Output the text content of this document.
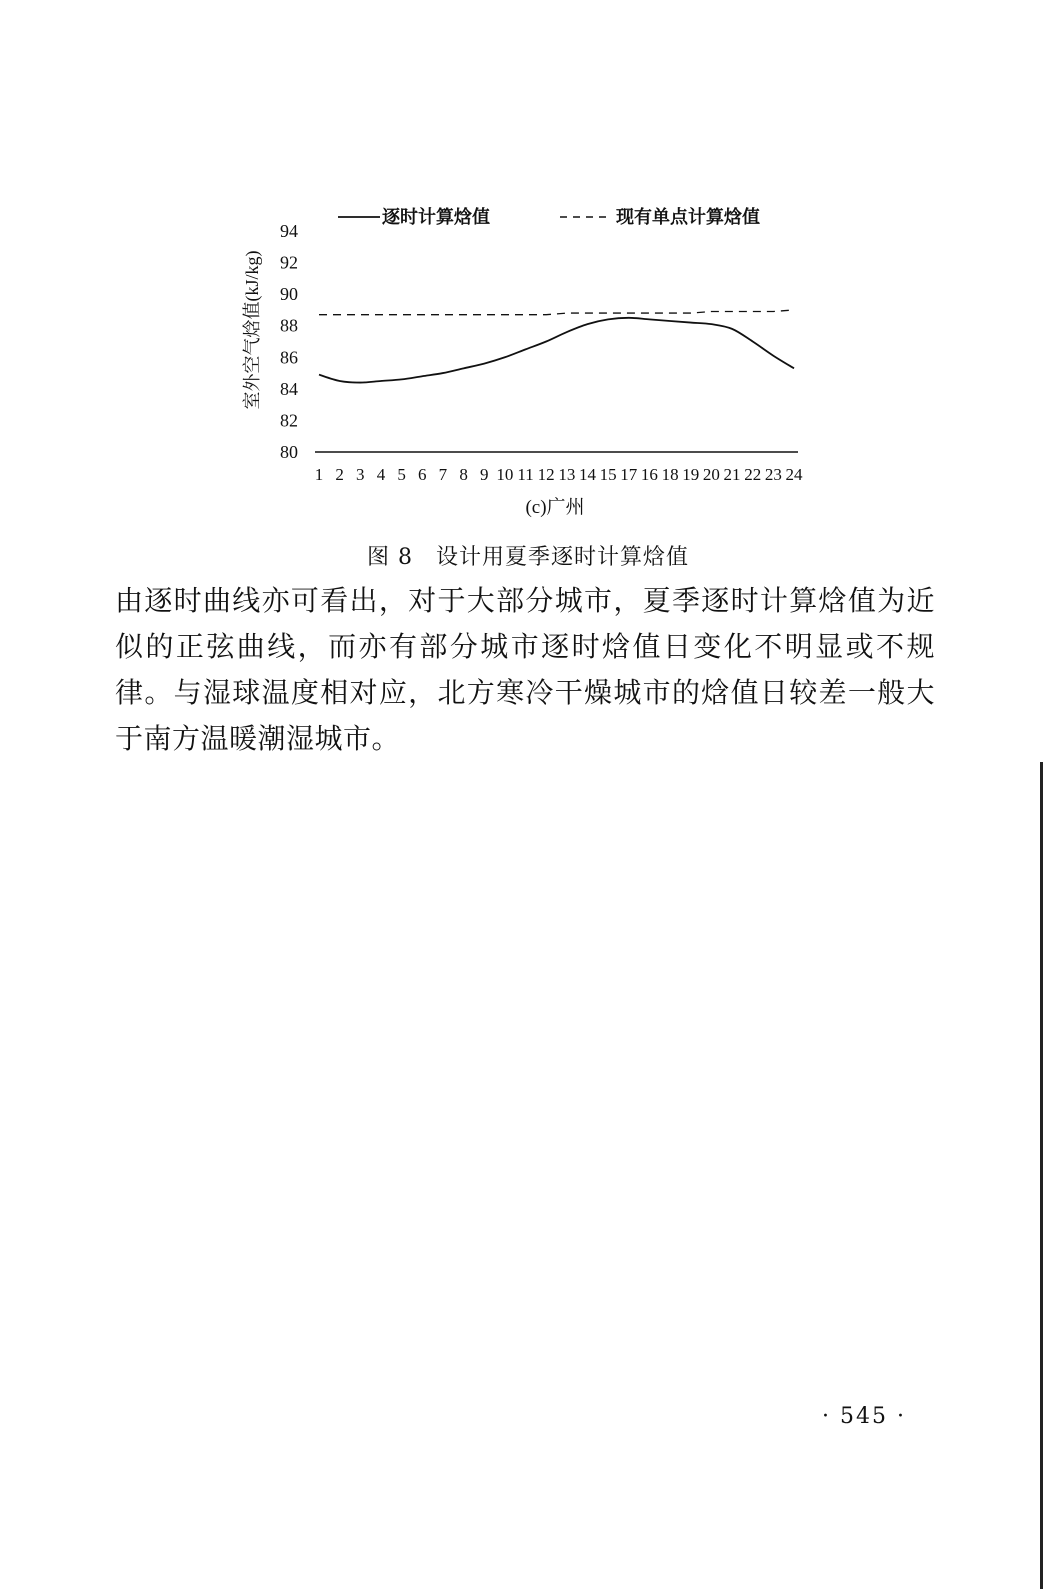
逐时计算焓值	现有单点计算焓值
80
82
84
86
88
90
92
94
室外空气焓值(kJ/kg)
1 2 3 4 5 6 7 8 9 10 11 12 13 14 15 17 16 18 19 20 21 22 23 24
(c)广州
图 8　设计用夏季逐时计算焓值
由逐时曲线亦可看出，对于大部分城市，夏季逐时计算焓值为近似的正弦曲线，而亦有部分城市逐时焓值日变化不明显或不规律。与湿球温度相对应，北方寒冷干燥城市的焓值日较差一般大于南方温暖潮湿城市。
· 545 ·
